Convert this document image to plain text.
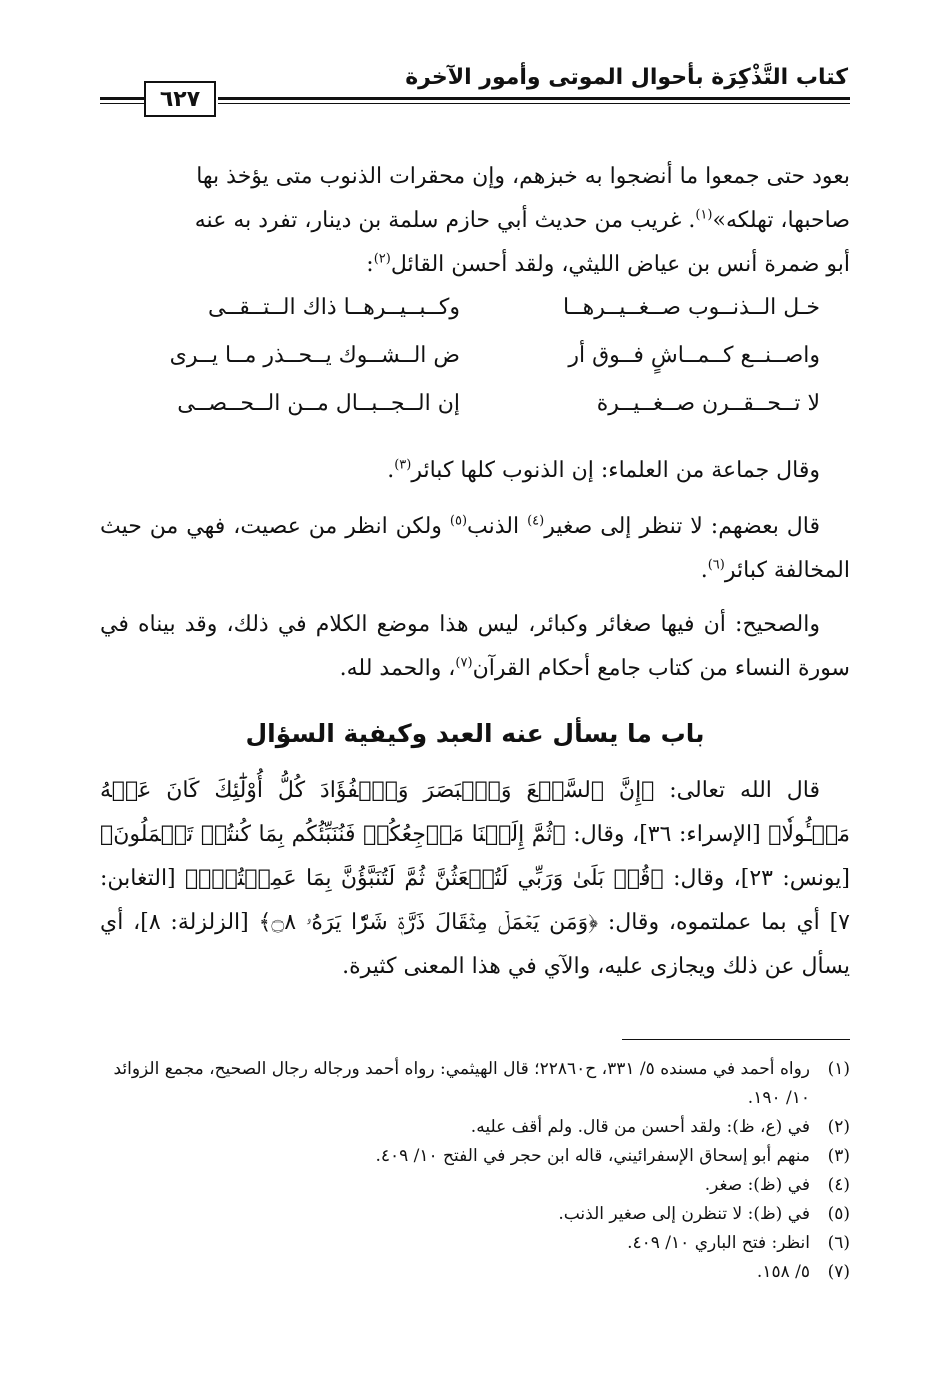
كتاب التَّذْكِرَة بأحوال الموتى وأمور الآخرة
٦٢٧

بعود حتى جمعوا ما أنضجوا به خبزهم، وإن محقرات الذنوب متى يؤخذ بها

صاحبها، تهلكه»$^{(١)}$. غريب من حديث أبي حازم سلمة بن دينار، تفرد به عنه

أبو ضمرة أنس بن عياض الليثي، ولقد أحسن القائل$^{(٢)}$:

خـل الــذنــوب صــغــيــرهــا
وكــبــيــرهــا ذاك الــتــقــى
واصــنــع كــمــاشٍ فــوق أر
ض الــشــوك يــحــذر مــا يــرى
لا تــحــقــرن صــغــيــرة
إن الــجــبــال مــن الــحــصــى

وقال جماعة من العلماء: إن الذنوب كلها كبائر$^{(٣)}$.

قال بعضهم: لا تنظر إلى صغير$^{(٤)}$ الذنب$^{(٥)}$ ولكن انظر من عصيت، فهي من حيث المخالفة كبائر$^{(٦)}$.

والصحيح: أن فيها صغائر وكبائر، ليس هذا موضع الكلام في ذلك، وقد بيناه في سورة النساء من كتاب جامع أحكام القرآن$^{(٧)}$، والحمد لله.

باب ما يسأل عنه العبد وكيفية السؤال

قال الله تعالى: ﴿إِنَّ ٱلسَّمۡعَ وَٱلۡبَصَرَ وَٱلۡفُؤَادَ كُلُّ أُوْلَٰٓئِكَ كَانَ عَنۡهُ مَسۡـُٔولٗا﴾ [الإسراء: ٣٦]، وقال: ﴿ثُمَّ إِلَيۡنَا مَرۡجِعُكُمۡ فَنُنَبِّئُكُم بِمَا كُنتُمۡ تَعۡمَلُونَ﴾ [يونس: ٢٣]، وقال: ﴿قُلۡ بَلَىٰ وَرَبِّي لَتُبۡعَثُنَّ ثُمَّ لَتُنَبَّؤُنَّ بِمَا عَمِلۡتُمۡۚ﴾ [التغابن: ٧] أي بما عملتموه، وقال: ﴿وَمَن يَعۡمَلۡ مِثۡقَالَ ذَرَّةٖ شَرّٗا يَرَهُۥ ۝٨﴾ [الزلزلة: ٨]، أي يسأل عن ذلك ويجازى عليه، والآي في هذا المعنى كثيرة.

(١)
رواه أحمد في مسنده ٥/ ٣٣١، ح٢٢٨٦٠؛ قال الهيثمي: رواه أحمد ورجاله رجال الصحيح، مجمع الزوائد ١٠/ ١٩٠.
(٢)
في (ع، ظ): ولقد أحسن من قال. ولم أقف عليه.
(٣)
منهم أبو إسحاق الإسفرائيني، قاله ابن حجر في الفتح ١٠/ ٤٠٩.
(٤)
في (ظ): صغر.
(٥)
في (ظ): لا تنظرن إلى صغير الذنب.
(٦)
انظر: فتح الباري ١٠/ ٤٠٩.
(٧)
٥/ ١٥٨.
